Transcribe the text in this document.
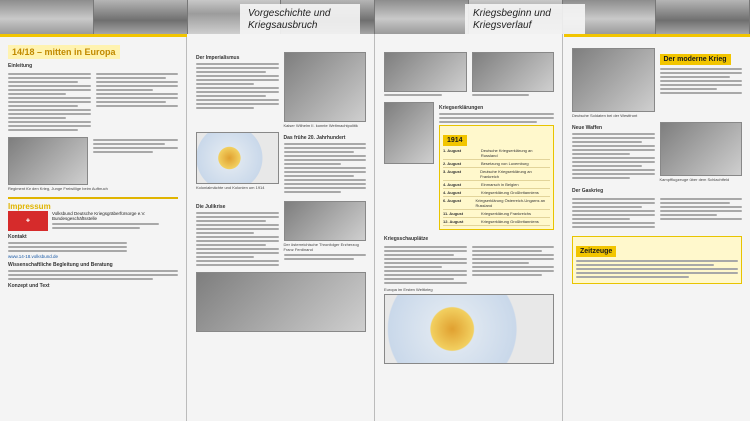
Vorgeschichte und Kriegsausbruch
Kriegsbeginn und Kriegsverlauf
14/18 – mitten in Europa
Einleitung
Regiment für den Krieg, Junge Freiwillige beim Aufbruch
Impressum
✚
Volksbund Deutsche Kriegsgräberfürsorge e.V.
Bundesgeschäftsstelle
Kontakt
www.14-18.volksbund.de
Wissenschaftliche Begleitung und Beratung
Konzept und Text
Der Imperialismus
Kaiser Wilhelm II. konnte Weltmachtpolitik
Kolonialmächte und Kolonien um 1914
Das frühe 20. Jahrhundert
Die Julikrise
Der österreichische Thronfolger Erzherzog Franz Ferdinand
Kriegserklärungen
1914
1. August	Deutsche Kriegserklärung an Russland
2. August	Besetzung von Luxemburg
3. August	Deutsche Kriegserklärung an Frankreich
4. August	Einmarsch in Belgien
4. August	Kriegserklärung Großbritanniens
6. August	Kriegserklärung Österreich-Ungarns an Russland
11. August	Kriegserklärung Frankreichs
12. August	Kriegserklärung Großbritanniens
Kriegsschauplätze
Europa im Ersten Weltkrieg
Deutsche Soldaten bei der Westfront
Der moderne Krieg
Neue Waffen
Kampfflugzeuge über dem Schlachtfeld
Der Gaskrieg
Zeitzeuge
